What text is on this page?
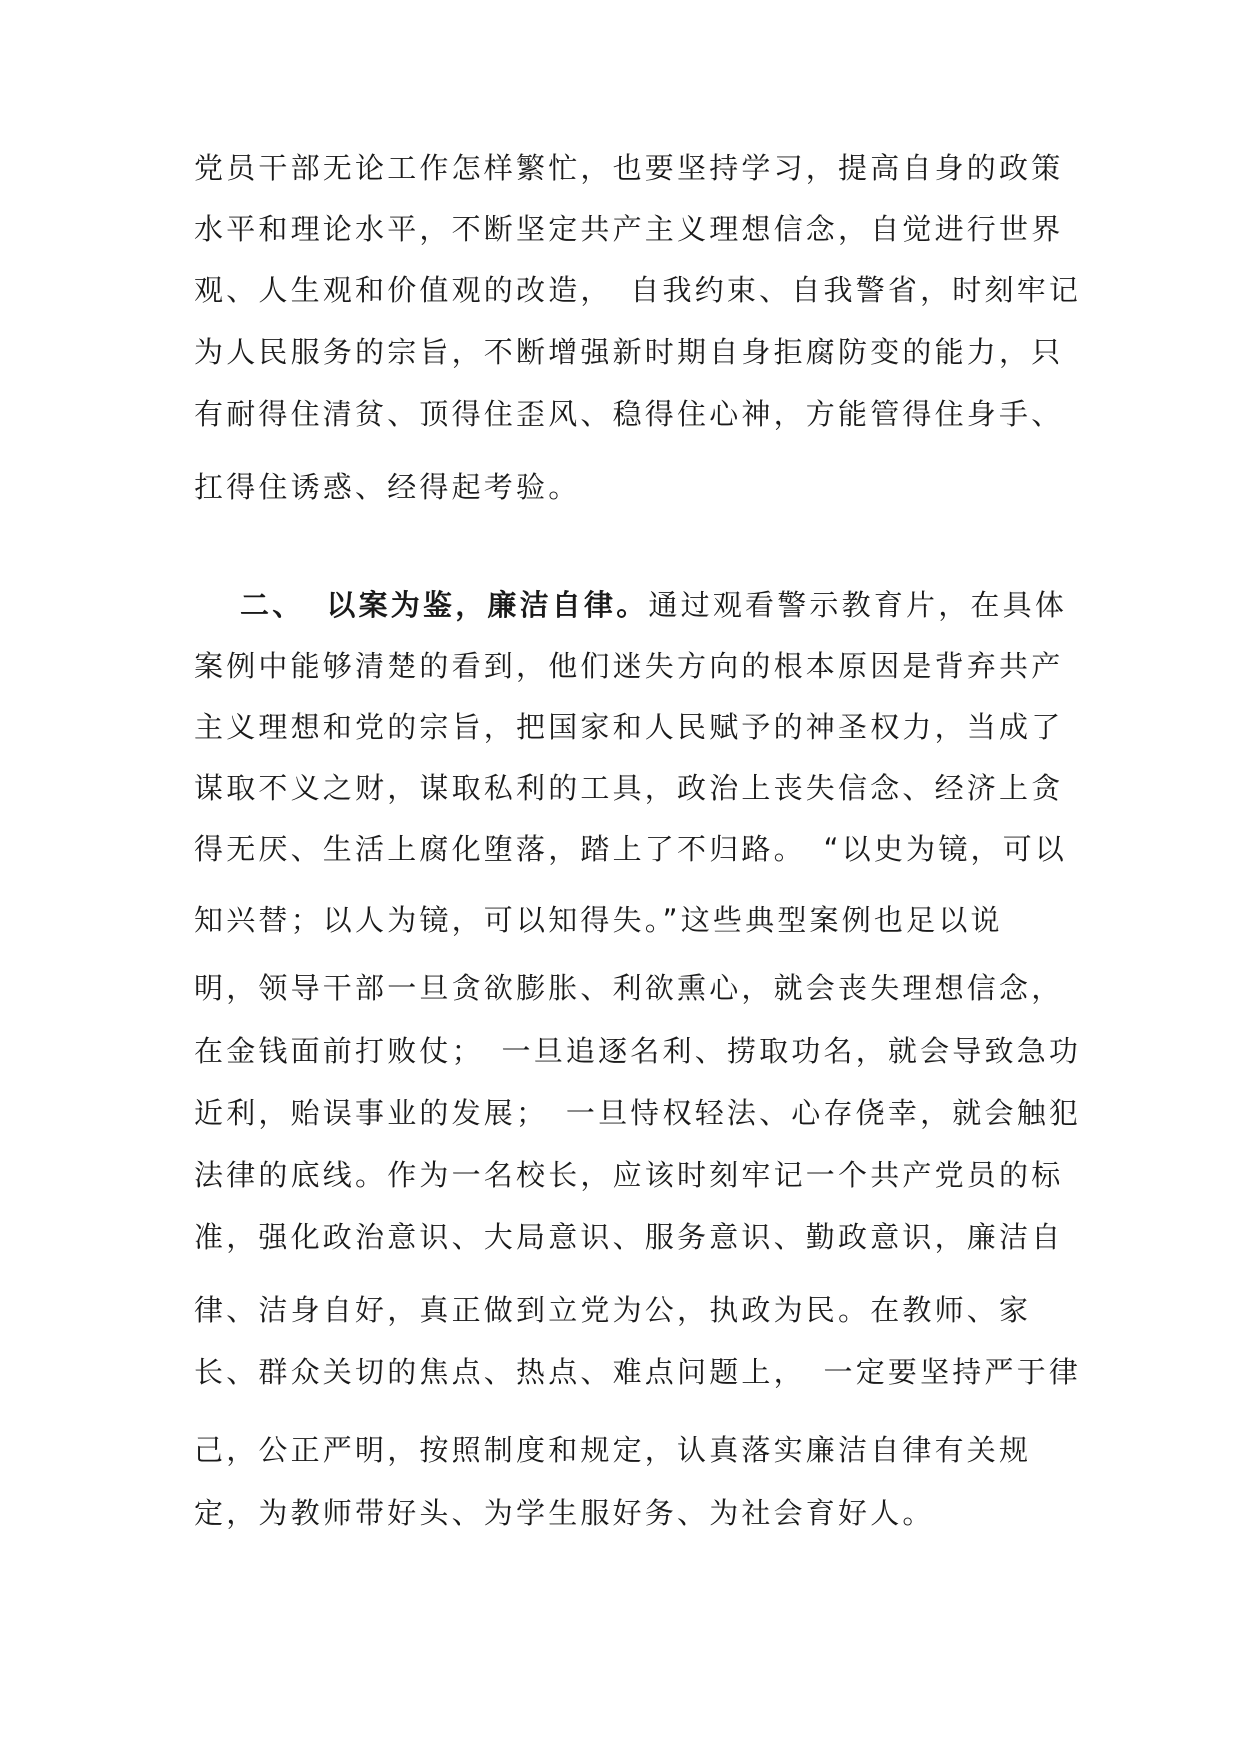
党员干部无论工作怎样繁忙，也要坚持学习，提高自身的政策
水平和理论水平，不断坚定共产主义理想信念，自觉进行世界
观、人生观和价值观的改造，　自我约束、自我警省，时刻牢记
为人民服务的宗旨，不断增强新时期自身拒腐防变的能力，只
有耐得住清贫、顶得住歪风、稳得住心神，方能管得住身手、
扛得住诱惑、经得起考验。
二、 以案为鉴，廉洁自律。通过观看警示教育片，在具体
案例中能够清楚的看到，他们迷失方向的根本原因是背弃共产
主义理想和党的宗旨，把国家和人民赋予的神圣权力，当成了
谋取不义之财，谋取私利的工具，政治上丧失信念、经济上贪
得无厌、生活上腐化堕落，踏上了不归路。　“以史为镜，可以
知兴替；以人为镜，可以知得失。”这些典型案例也足以说
明，领导干部一旦贪欲膨胀、利欲熏心，就会丧失理想信念，
在金钱面前打败仗；　一旦追逐名利、捞取功名，就会导致急功
近利，贻误事业的发展；　一旦恃权轻法、心存侥幸，就会触犯
法律的底线。作为一名校长，应该时刻牢记一个共产党员的标
准，强化政治意识、大局意识、服务意识、勤政意识，廉洁自
律、洁身自好，真正做到立党为公，执政为民。在教师、家
长、群众关切的焦点、热点、难点问题上，　一定要坚持严于律
己，公正严明，按照制度和规定，认真落实廉洁自律有关规
定，为教师带好头、为学生服好务、为社会育好人。
